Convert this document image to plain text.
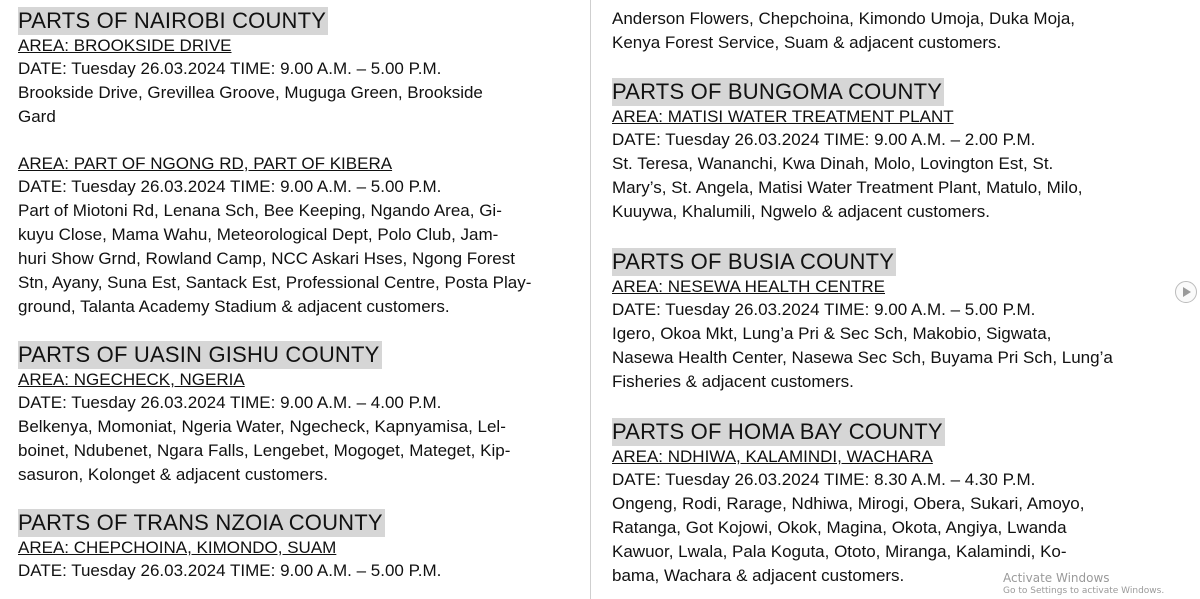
PARTS OF NAIROBI COUNTY
AREA: BROOKSIDE DRIVE
DATE: Tuesday 26.03.2024 TIME: 9.00 A.M. – 5.00 P.M.
Brookside Drive, Grevillea Groove, Muguga Green, Brookside
Gard
AREA: PART OF NGONG RD, PART OF KIBERA
DATE: Tuesday 26.03.2024 TIME: 9.00 A.M. – 5.00 P.M.
Part of Miotoni Rd, Lenana Sch, Bee Keeping, Ngando Area, Gi-
kuyu Close, Mama Wahu, Meteorological Dept, Polo Club, Jam-
huri Show Grnd, Rowland Camp, NCC Askari Hses, Ngong Forest
Stn, Ayany, Suna Est, Santack Est, Professional Centre, Posta Play-
ground, Talanta Academy Stadium & adjacent customers.
PARTS OF UASIN GISHU COUNTY
AREA: NGECHECK, NGERIA
DATE: Tuesday 26.03.2024 TIME: 9.00 A.M. – 4.00 P.M.
Belkenya, Momoniat, Ngeria Water, Ngecheck, Kapnyamisa, Lel-
boinet, Ndubenet, Ngara Falls, Lengebet, Mogoget, Mateget, Kip-
sasuron, Kolonget & adjacent customers.
PARTS OF TRANS NZOIA COUNTY
AREA: CHEPCHOINA, KIMONDO, SUAM
DATE: Tuesday 26.03.2024 TIME: 9.00 A.M. – 5.00 P.M.
Anderson Flowers, Chepchoina, Kimondo Umoja, Duka Moja,
Kenya Forest Service, Suam & adjacent customers.
PARTS OF BUNGOMA COUNTY
AREA: MATISI WATER TREATMENT PLANT
DATE: Tuesday 26.03.2024 TIME: 9.00 A.M. – 2.00 P.M.
St. Teresa, Wananchi, Kwa Dinah, Molo, Lovington Est, St.
Mary’s, St. Angela, Matisi Water Treatment Plant, Matulo, Milo,
Kuuywa, Khalumili, Ngwelo & adjacent customers.
PARTS OF BUSIA COUNTY
AREA: NESEWA HEALTH CENTRE
DATE: Tuesday 26.03.2024 TIME: 9.00 A.M. – 5.00 P.M.
Igero, Okoa Mkt, Lung’a Pri & Sec Sch, Makobio, Sigwata,
Nasewa Health Center, Nasewa Sec Sch, Buyama Pri Sch, Lung’a
Fisheries & adjacent customers.
PARTS OF HOMA BAY COUNTY
AREA: NDHIWA, KALAMINDI, WACHARA
DATE: Tuesday 26.03.2024 TIME: 8.30 A.M. – 4.30 P.M.
Ongeng, Rodi, Rarage, Ndhiwa, Mirogi, Obera, Sukari, Amoyo,
Ratanga, Got Kojowi, Okok, Magina, Okota, Angiya, Lwanda
Kawuor, Lwala, Pala Koguta, Ototo, Miranga, Kalamindi, Ko-
bama, Wachara & adjacent customers.	Activate Windows
Go to Settings to activate Windows.
